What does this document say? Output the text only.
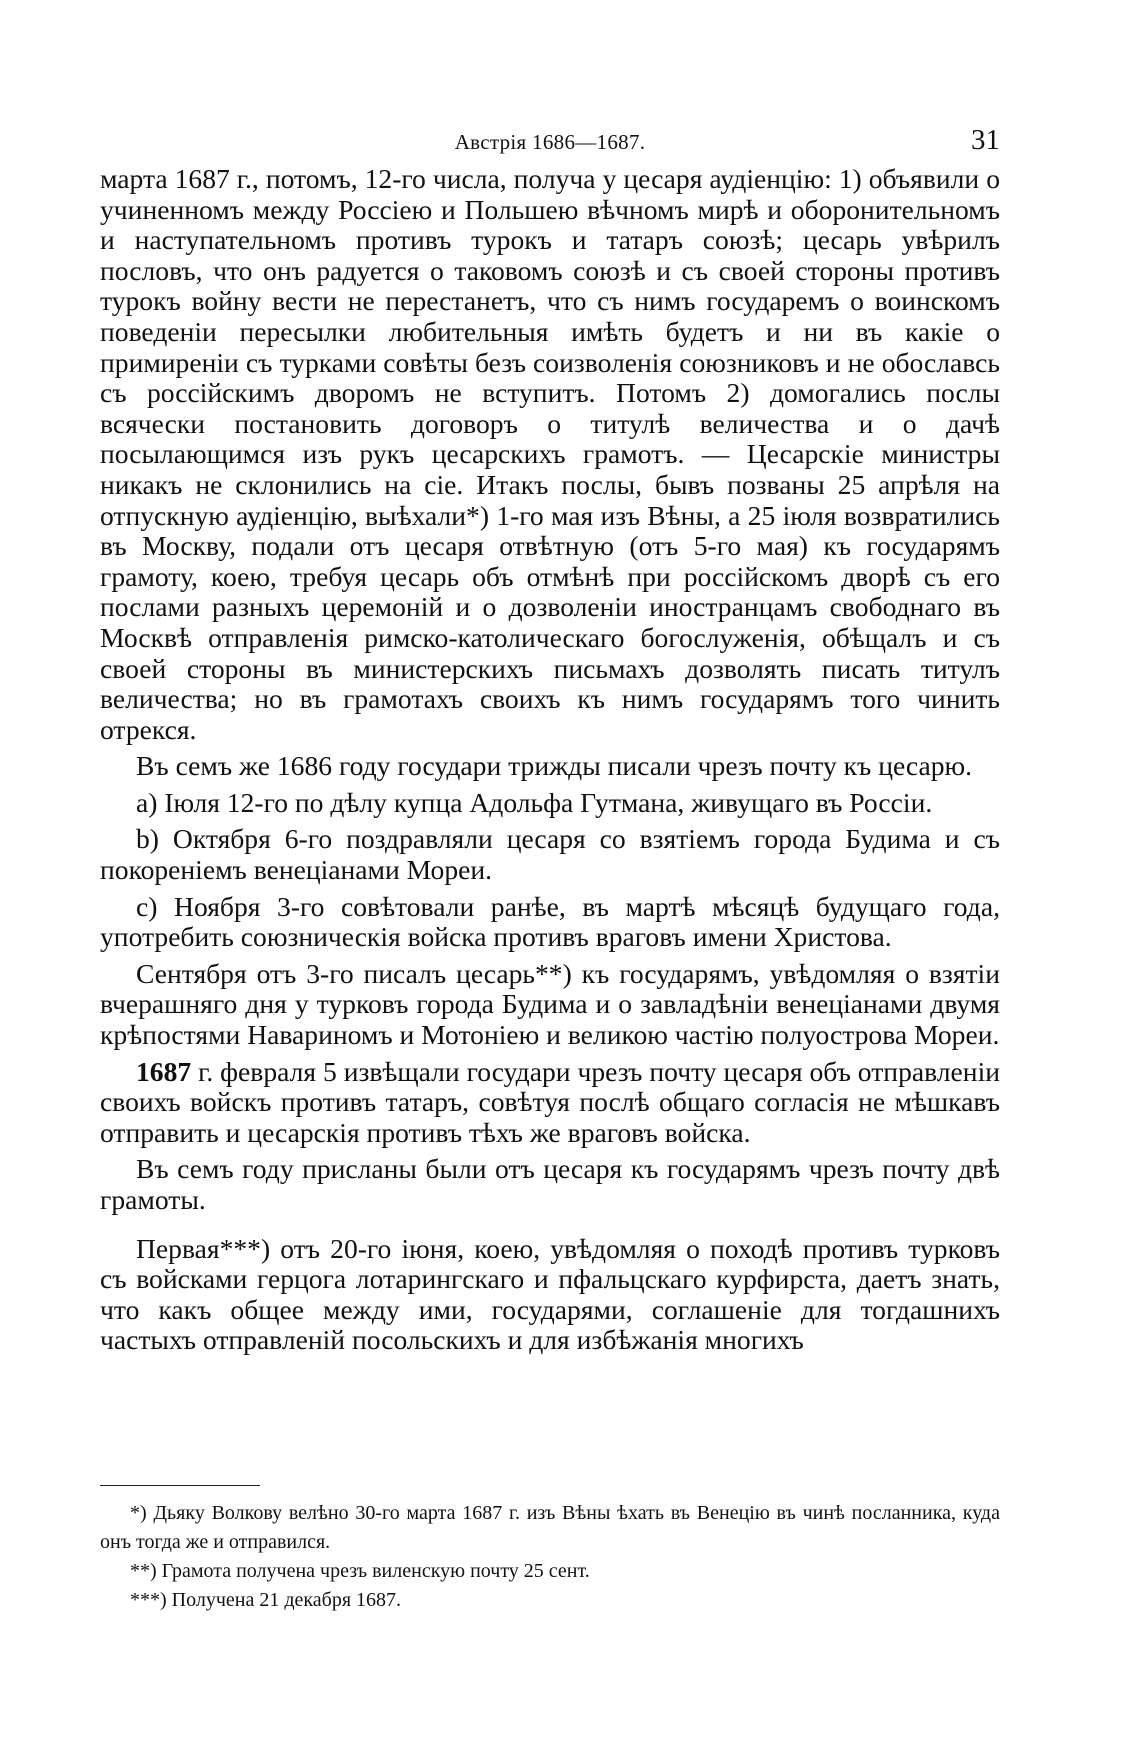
Австрія 1686—1687.	31

марта 1687 г., потомъ, 12-го числа, получа у цесаря аудіенцію: 1) объявили о учиненномъ между Россіею и Польшею вѣчномъ мирѣ и оборонительномъ и наступательномъ противъ турокъ и татаръ союзѣ; цесарь увѣрилъ пословъ, что онъ радуется о таковомъ союзѣ и съ своей стороны противъ турокъ войну вести не перестанетъ, что съ нимъ государемъ о воинскомъ поведеніи пересылки любительныя имѣть будетъ и ни въ какіе о примиреніи съ турками совѣты безъ соизволенія союзниковъ и не обославсь съ россійскимъ дворомъ не вступитъ. Потомъ 2) домогались послы всячески постановить договоръ о титулѣ величества и о дачѣ посылающимся изъ рукъ цесарскихъ грамотъ. — Цесарскіе министры никакъ не склонились на сіе. Итакъ послы, бывъ позваны 25 апрѣля на отпускную аудіенцію, выѣхали*) 1-го мая изъ Вѣны, а 25 іюля возвратились въ Москву, подали отъ цесаря отвѣтную (отъ 5-го мая) къ государямъ грамоту, коею, требуя цесарь объ отмѣнѣ при россійскомъ дворѣ съ его послами разныхъ церемоній и о дозволеніи иностранцамъ свободнаго въ Москвѣ отправленія римско-католическаго богослуженія, обѣщалъ и съ своей стороны въ министерскихъ письмахъ дозволять писать титулъ величества; но въ грамотахъ своихъ къ нимъ государямъ того чинить отрекся.

Въ семъ же 1686 году государи трижды писали чрезъ почту къ цесарю.

a) Іюля 12-го по дѣлу купца Адольфа Гутмана, живущаго въ Россіи.

b) Октября 6-го поздравляли цесаря со взятіемъ города Будима и съ покореніемъ венеціанами Мореи.

c) Ноября 3-го совѣтовали ранѣе, въ мартѣ мѣсяцѣ будущаго года, употребить союзническія войска противъ враговъ имени Христова.

Сентября отъ 3-го писалъ цесарь**) къ государямъ, увѣдомляя о взятіи вчерашняго дня у турковъ города Будима и о завладѣніи венеціанами двумя крѣпостями Навариномъ и Мотоніею и великою частію полуострова Мореи.

1687 г. февраля 5 извѣщали государи чрезъ почту цесаря объ отправленіи своихъ войскъ противъ татаръ, совѣтуя послѣ общаго согласія не мѣшкавъ отправить и цесарскія противъ тѣхъ же враговъ войска.

Въ семъ году присланы были отъ цесаря къ государямъ чрезъ почту двѣ грамоты.

Первая***) отъ 20-го іюня, коею, увѣдомляя о походѣ противъ турковъ съ войсками герцога лотарингскаго и пфальцскаго курфирста, даетъ знать, что какъ общее между ими, государями, соглашеніе для тогдашнихъ частыхъ отправленій посольскихъ и для избѣжанія многихъ

*) Дьяку Волкову велѣно 30-го марта 1687 г. изъ Вѣны ѣхать въ Венецію въ чинѣ посланника, куда онъ тогда же и отправился.

**) Грамота получена чрезъ виленскую почту 25 сент.

***) Получена 21 декабря 1687.
